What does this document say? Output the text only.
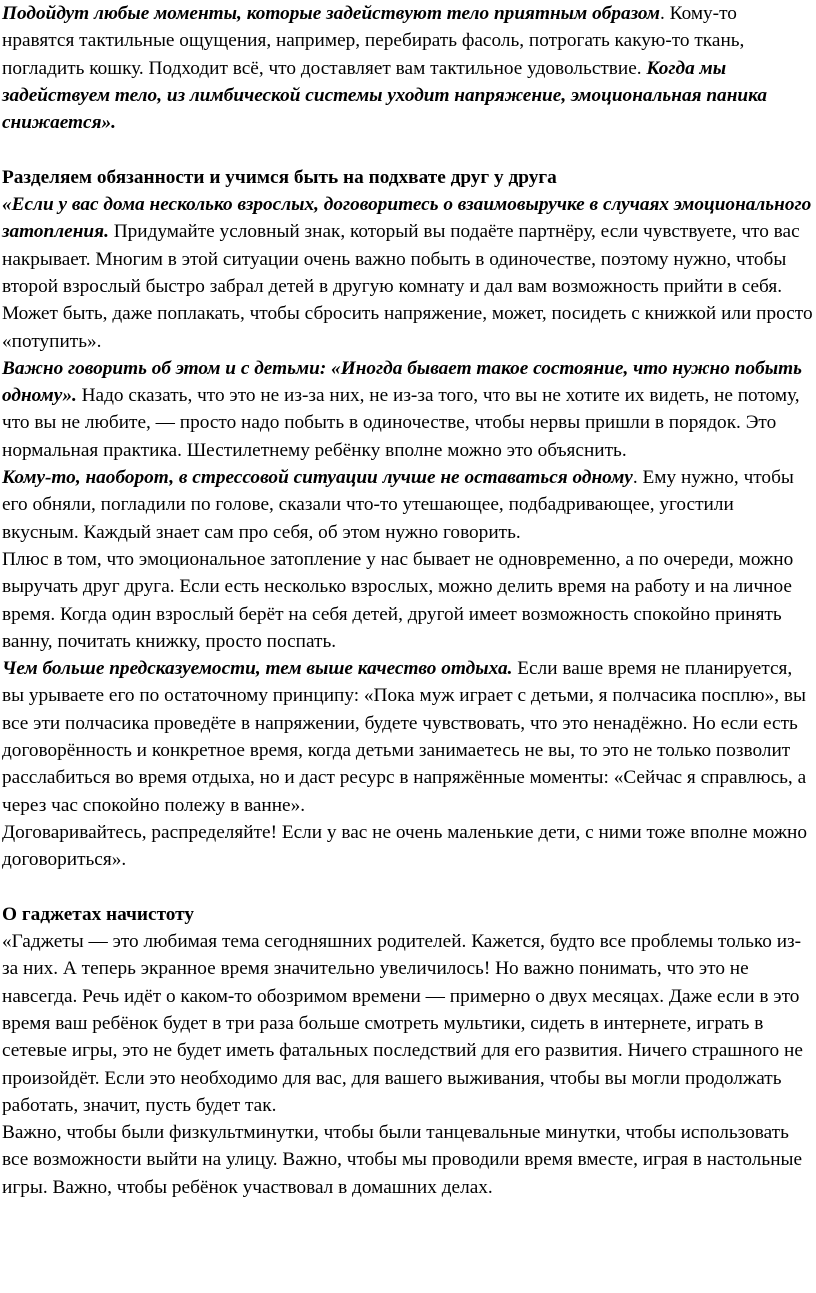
Подойдут любые моменты, которые задействуют тело приятным образом. Кому-то нравятся тактильные ощущения, например, перебирать фасоль, потрогать какую-то ткань, погладить кошку. Подходит всё, что доставляет вам тактильное удовольствие. Когда мы задействуем тело, из лимбической системы уходит напряжение, эмоциональная паника снижается».

Разделяем обязанности и учимся быть на подхвате друг у друга

«Если у вас дома несколько взрослых, договоритесь о взаимовыручке в случаях эмоционального затопления. Придумайте условный знак, который вы подаёте партнёру, если чувствуете, что вас накрывает. Многим в этой ситуации очень важно побыть в одиночестве, поэтому нужно, чтобы второй взрослый быстро забрал детей в другую комнату и дал вам возможность прийти в себя. Может быть, даже поплакать, чтобы сбросить напряжение, может, посидеть с книжкой или просто «потупить».

Важно говорить об этом и с детьми: «Иногда бывает такое состояние, что нужно побыть одному». Надо сказать, что это не из-за них, не из-за того, что вы не хотите их видеть, не потому, что вы не любите, — просто надо побыть в одиночестве, чтобы нервы пришли в порядок. Это нормальная практика. Шестилетнему ребёнку вполне можно это объяснить.

Кому-то, наоборот, в стрессовой ситуации лучше не оставаться одному. Ему нужно, чтобы его обняли, погладили по голове, сказали что-то утешающее, подбадривающее, угостили вкусным. Каждый знает сам про себя, об этом нужно говорить.

Плюс в том, что эмоциональное затопление у нас бывает не одновременно, а по очереди, можно выручать друг друга. Если есть несколько взрослых, можно делить время на работу и на личное время. Когда один взрослый берёт на себя детей, другой имеет возможность спокойно принять ванну, почитать книжку, просто поспать.

Чем больше предсказуемости, тем выше качество отдыха. Если ваше время не планируется, вы урываете его по остаточному принципу: «Пока муж играет с детьми, я полчасика посплю», вы все эти полчасика проведёте в напряжении, будете чувствовать, что это ненадёжно. Но если есть договорённость и конкретное время, когда детьми занимаетесь не вы, то это не только позволит расслабиться во время отдыха, но и даст ресурс в напряжённые моменты: «Сейчас я справлюсь, а через час спокойно полежу в ванне».

Договаривайтесь, распределяйте! Если у вас не очень маленькие дети, с ними тоже вполне можно договориться».

О гаджетах начистоту

«Гаджеты — это любимая тема сегодняшних родителей. Кажется, будто все проблемы только из-за них. А теперь экранное время значительно увеличилось! Но важно понимать, что это не навсегда. Речь идёт о каком-то обозримом времени — примерно о двух месяцах. Даже если в это время ваш ребёнок будет в три раза больше смотреть мультики, сидеть в интернете, играть в сетевые игры, это не будет иметь фатальных последствий для его развития. Ничего страшного не произойдёт. Если это необходимо для вас, для вашего выживания, чтобы вы могли продолжать работать, значит, пусть будет так.

Важно, чтобы были физкультминутки, чтобы были танцевальные минутки, чтобы использовать все возможности выйти на улицу. Важно, чтобы мы проводили время вместе, играя в настольные игры. Важно, чтобы ребёнок участвовал в домашних делах.
